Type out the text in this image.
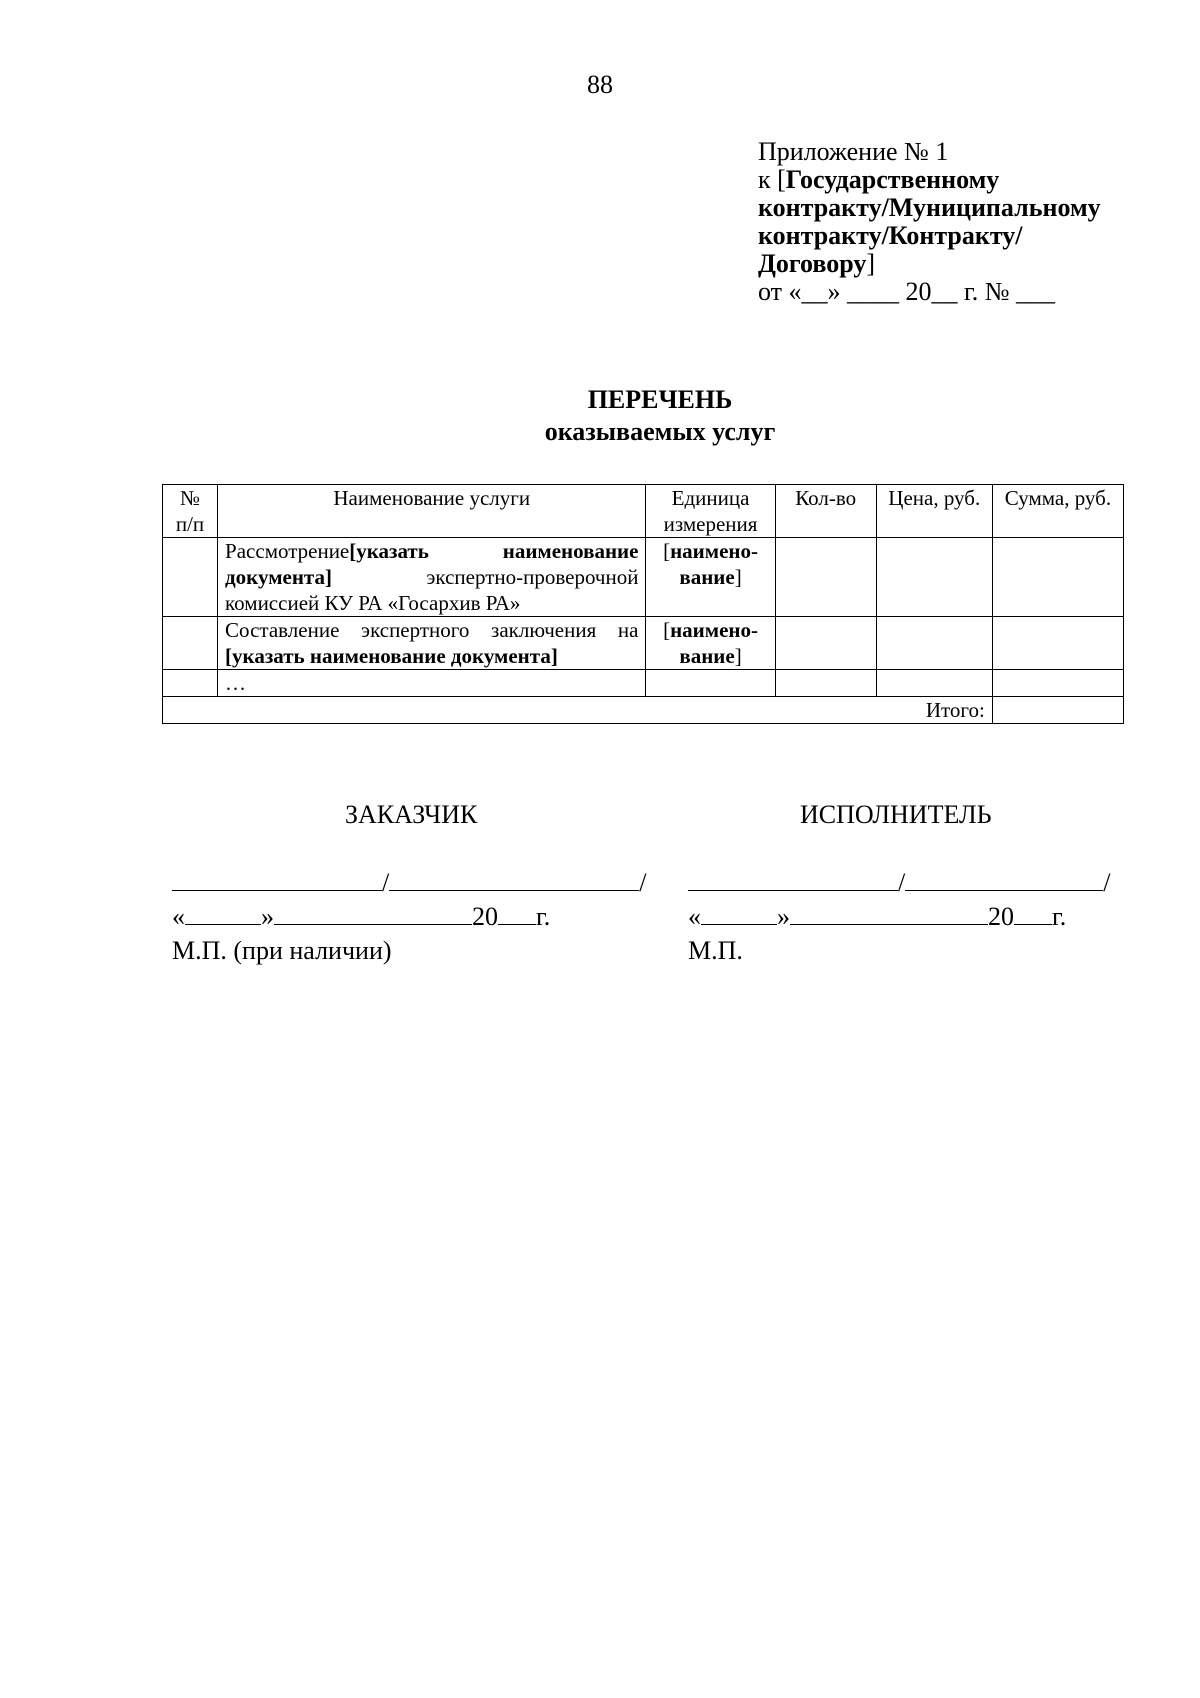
88
Приложение № 1
к [Государственному
контракту/Муниципальному
контракту/Контракту/
Договору]
от «__» ____ 20__ г. № ___
ПЕРЕЧЕНЬ
оказываемых услуг
№ п/п	Наименование услуги	Единица измерения	Кол-во	Цена, руб.	Сумма, руб.
	Рассмотрение[указать наименование документа] экспертно-проверочной комиссией КУ РА «Госархив РА»	[наимено-вание]			
	Составление экспертного заключения на [указать наименование документа]	[наимено-вание]			
	…				
Итого:					
ЗАКАЗЧИК	ИСПОЛНИТЕЛЬ
/	/
«	»	20 г.
М.П. (при наличии)
/	/
«	»	20 г.
М.П.
